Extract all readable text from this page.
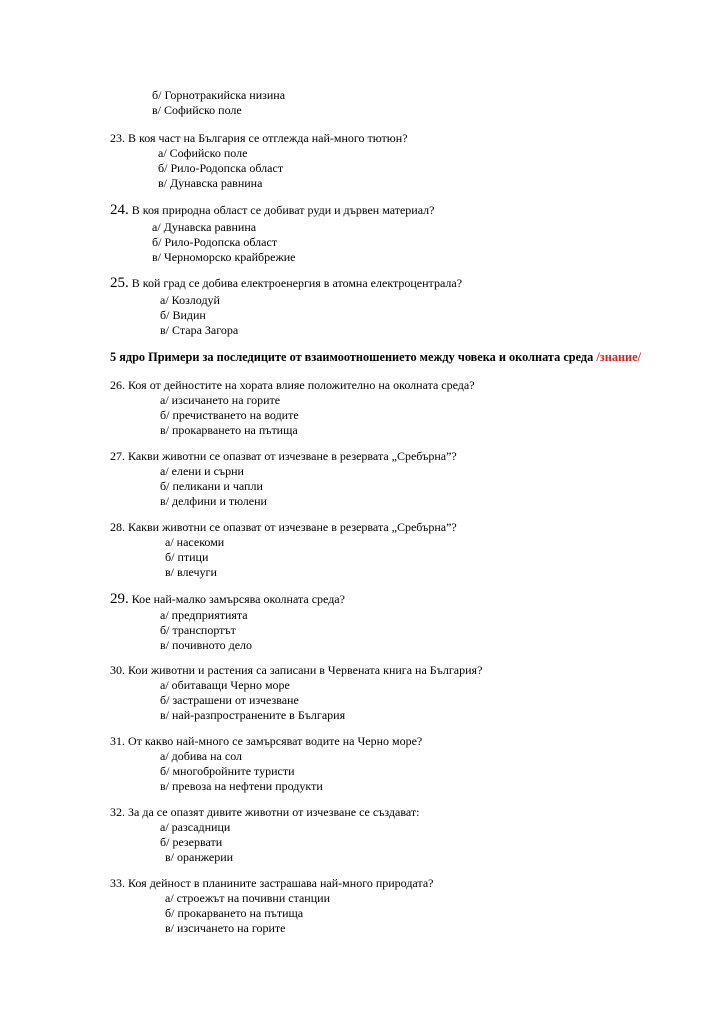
б/ Горнотракийска низина
в/ Софийско поле
23. В коя част на България се отглежда най-много тютюн?
а/ Софийско поле
б/ Рило-Родопска област
в/ Дунавска равнина
24. В коя природна област се добиват руди и дървен материал?
а/ Дунавска равнина
б/ Рило-Родопска област
в/ Черноморско крайбрежие
25. В кой град се добива електроенергия в атомна електроцентрала?
а/ Козлодуй
б/ Видин
в/ Стара Загора
5 ядро Примери за последиците от взаимоотношението между човека и околната среда /знание/
26. Коя от дейностите на хората влияе положително на околната среда?
а/ изсичането на горите
б/ пречистването на водите
в/ прокарването на пътища
27. Какви животни се опазват от изчезване в резервата „Сребърна”?
а/ елени и сърни
б/ пеликани и чапли
в/ делфини и тюлени
28. Какви животни се опазват от изчезване в резервата „Сребърна”?
а/ насекоми
б/ птици
в/ влечуги
29. Кое най-малко замърсява околната среда?
а/ предприятията
б/ транспортът
в/ почивното дело
30. Кои животни и растения са записани в Червената книга на България?
а/ обитаващи Черно море
б/ застрашени от изчезване
в/ най-разпространените в България
31. От какво най-много се замърсяват водите на Черно море?
а/ добива на сол
б/ многобройните туристи
в/ превоза на нефтени продукти
32. За да се опазят дивите животни от изчезване се създават:
а/ разсадници
б/ резервати
в/ оранжерии
33. Коя дейност в планините застрашава най-много природата?
а/ строежът на почивни станции
б/ прокарването на пътища
в/ изсичането на горите
